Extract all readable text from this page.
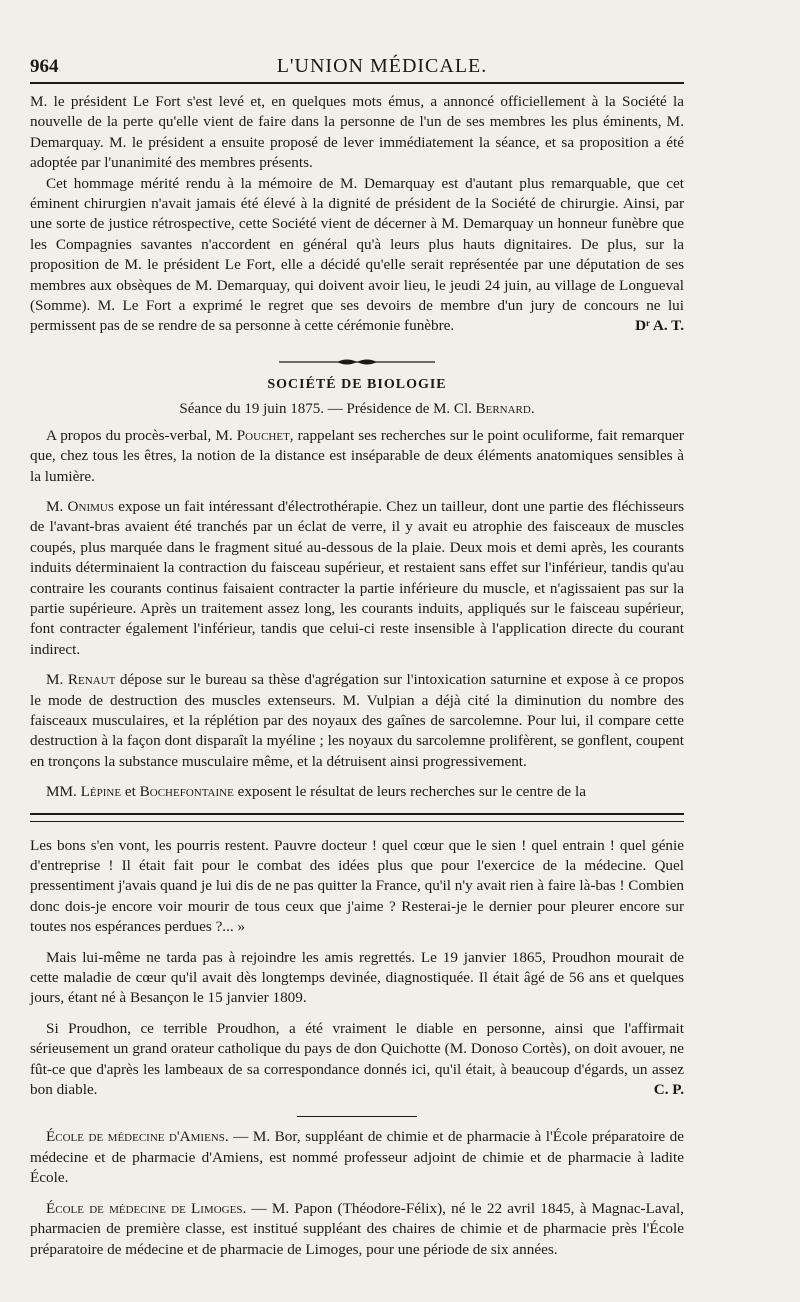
964	L'UNION MÉDICALE.

M. le président Le Fort s'est levé et, en quelques mots émus, a annoncé officiellement à la Société la nouvelle de la perte qu'elle vient de faire dans la personne de l'un de ses membres les plus éminents, M. Demarquay. M. le président a ensuite proposé de lever immédiatement la séance, et sa proposition a été adoptée par l'unanimité des membres présents.

Cet hommage mérité rendu à la mémoire de M. Demarquay est d'autant plus remarquable, que cet éminent chirurgien n'avait jamais été élevé à la dignité de président de la Société de chirurgie. Ainsi, par une sorte de justice rétrospective, cette Société vient de décerner à M. Demarquay un honneur funèbre que les Compagnies savantes n'accordent en général qu'à leurs plus hauts dignitaires. De plus, sur la proposition de M. le président Le Fort, elle a décidé qu'elle serait représentée par une députation de ses membres aux obsèques de M. Demarquay, qui doivent avoir lieu, le jeudi 24 juin, au village de Longueval (Somme). M. Le Fort a exprimé le regret que ses devoirs de membre d'un jury de concours ne lui permissent pas de se rendre de sa personne à cette cérémonie funèbre.	Dʳ A. T.

SOCIÉTÉ DE BIOLOGIE
Séance du 19 juin 1875. — Présidence de M. Cl. Bernard.

A propos du procès-verbal, M. Pouchet, rappelant ses recherches sur le point oculiforme, fait remarquer que, chez tous les êtres, la notion de la distance est inséparable de deux éléments anatomiques sensibles à la lumière.

M. Onimus expose un fait intéressant d'électrothérapie. Chez un tailleur, dont une partie des fléchisseurs de l'avant-bras avaient été tranchés par un éclat de verre, il y avait eu atrophie des faisceaux de muscles coupés, plus marquée dans le fragment situé au-dessous de la plaie. Deux mois et demi après, les courants induits déterminaient la contraction du faisceau supérieur, et restaient sans effet sur l'inférieur, tandis qu'au contraire les courants continus faisaient contracter la partie inférieure du muscle, et n'agissaient pas sur la partie supérieure. Après un traitement assez long, les courants induits, appliqués sur le faisceau supérieur, font contracter également l'inférieur, tandis que celui-ci reste insensible à l'application directe du courant indirect.

M. Renaut dépose sur le bureau sa thèse d'agrégation sur l'intoxication saturnine et expose à ce propos le mode de destruction des muscles extenseurs. M. Vulpian a déjà cité la diminution du nombre des faisceaux musculaires, et la réplétion par des noyaux des gaînes de sarcolemne. Pour lui, il compare cette destruction à la façon dont disparaît la myéline ; les noyaux du sarcolemne prolifèrent, se gonflent, coupent en tronçons la substance musculaire même, et la détruisent ainsi progressivement.

MM. Lépine et Bochefontaine exposent le résultat de leurs recherches sur le centre de la

Les bons s'en vont, les pourris restent. Pauvre docteur ! quel cœur que le sien ! quel entrain ! quel génie d'entreprise ! Il était fait pour le combat des idées plus que pour l'exercice de la médecine. Quel pressentiment j'avais quand je lui dis de ne pas quitter la France, qu'il n'y avait rien à faire là-bas ! Combien donc dois-je encore voir mourir de tous ceux que j'aime ? Resterai-je le dernier pour pleurer encore sur toutes nos espérances perdues ?... »

Mais lui-même ne tarda pas à rejoindre les amis regrettés. Le 19 janvier 1865, Proudhon mourait de cette maladie de cœur qu'il avait dès longtemps devinée, diagnostiquée. Il était âgé de 56 ans et quelques jours, étant né à Besançon le 15 janvier 1809.

Si Proudhon, ce terrible Proudhon, a été vraiment le diable en personne, ainsi que l'affirmait sérieusement un grand orateur catholique du pays de don Quichotte (M. Donoso Cortès), on doit avouer, ne fût-ce que d'après les lambeaux de sa correspondance donnés ici, qu'il était, à beaucoup d'égards, un assez bon diable.	C. P.

École de médecine d'Amiens. — M. Bor, suppléant de chimie et de pharmacie à l'École préparatoire de médecine et de pharmacie d'Amiens, est nommé professeur adjoint de chimie et de pharmacie à ladite École.

École de médecine de Limoges. — M. Papon (Théodore-Félix), né le 22 avril 1845, à Magnac-Laval, pharmacien de première classe, est institué suppléant des chaires de chimie et de pharmacie près l'École préparatoire de médecine et de pharmacie de Limoges, pour une période de six années.
